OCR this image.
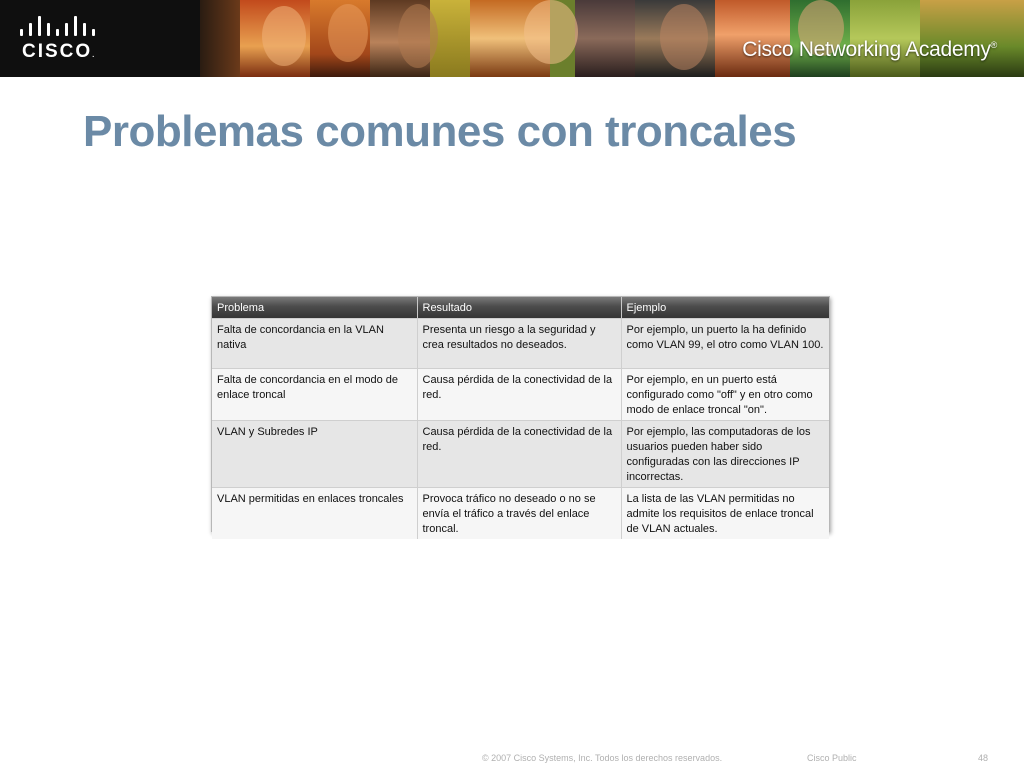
CISCO.	Cisco Networking Academy®
Problemas comunes con troncales
Problema	Resultado	Ejemplo
Falta de concordancia en la VLAN nativa	Presenta un riesgo a la seguridad y crea resultados no deseados.	Por ejemplo, un puerto la ha definido como VLAN 99, el otro como VLAN 100.
Falta de concordancia en el modo de enlace troncal	Causa pérdida de la conectividad de la red.	Por ejemplo, en un puerto está configurado como "off" y en otro como modo de enlace troncal "on".
VLAN y Subredes IP	Causa pérdida de la conectividad de la red.	Por ejemplo, las computadoras de los usuarios pueden haber sido configuradas con las direcciones IP incorrectas.
VLAN permitidas en enlaces troncales	Provoca tráfico no deseado o no se envía el tráfico a través del enlace troncal.	La lista de las VLAN permitidas no admite los requisitos de enlace troncal de VLAN actuales.
© 2007 Cisco Systems, Inc. Todos los derechos reservados.	Cisco Public	48
